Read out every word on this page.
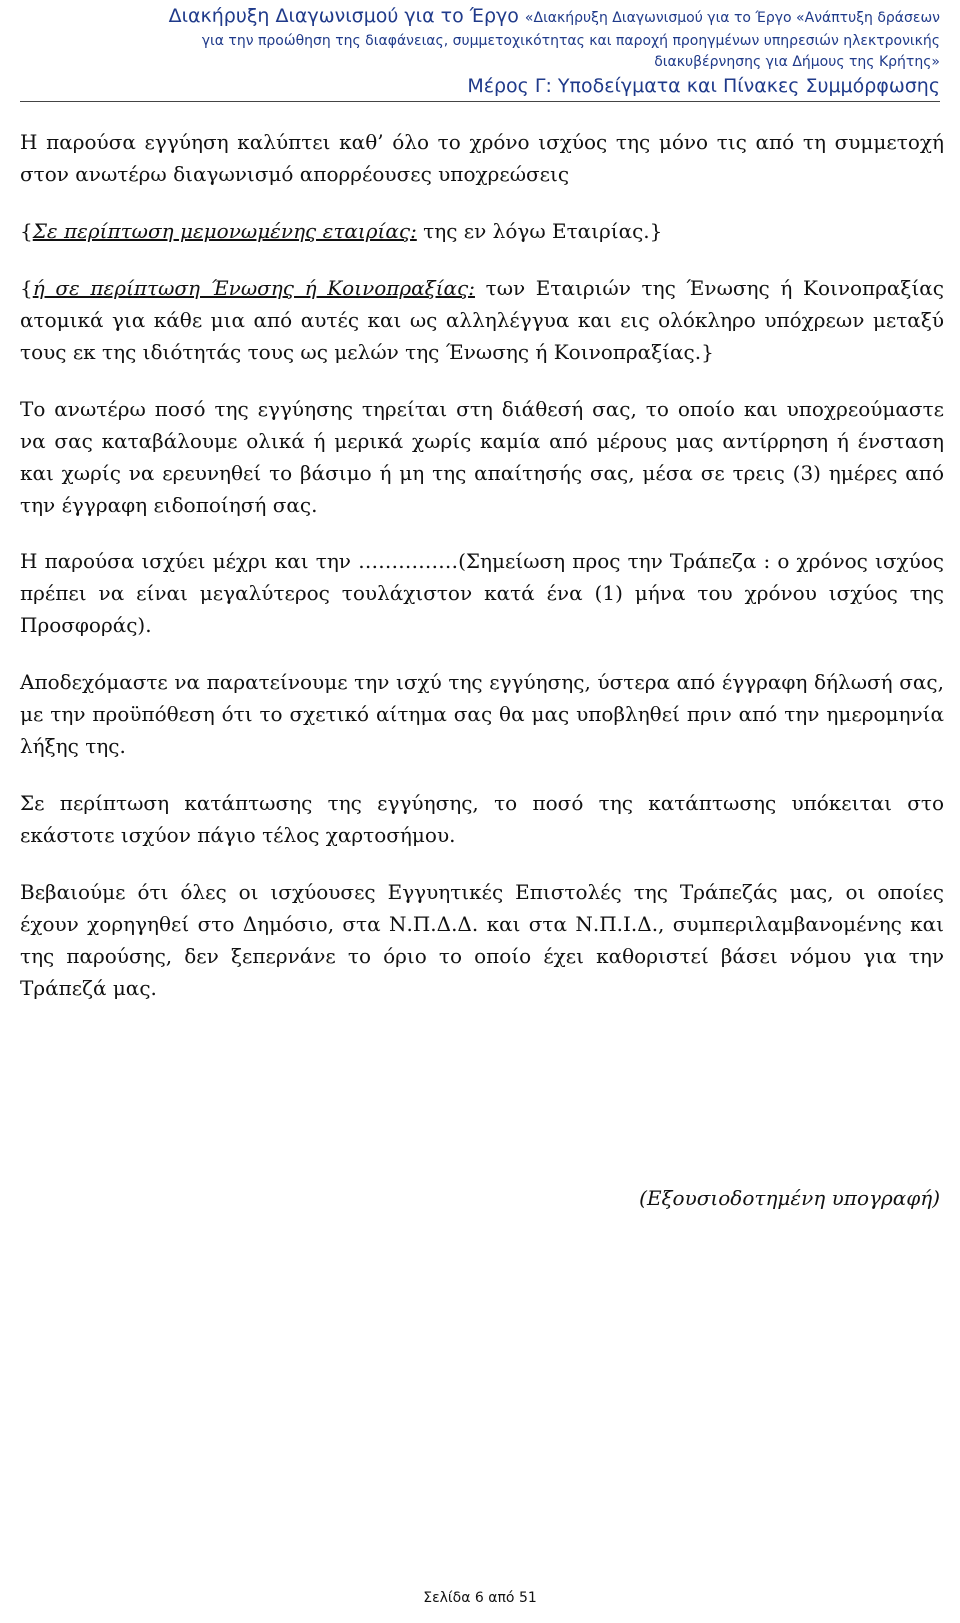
Διακήρυξη Διαγωνισμού για το Έργο «Διακήρυξη Διαγωνισμού για το Έργο «Ανάπτυξη δράσεων
για την προώθηση της διαφάνειας, συμμετοχικότητας και παροχή προηγμένων υπηρεσιών ηλεκτρονικής
διακυβέρνησης για Δήμους της Κρήτης»
Μέρος Γ: Υποδείγματα και Πίνακες Συμμόρφωσης

Η παρούσα εγγύηση καλύπτει καθ’ όλο το χρόνο ισχύος της μόνο τις από τη συμμετοχή στον ανωτέρω διαγωνισμό απορρέουσες υποχρεώσεις

{Σε περίπτωση μεμονωμένης εταιρίας: της εν λόγω Εταιρίας.}

{ή σε περίπτωση Ένωσης ή Κοινοπραξίας: των Εταιριών της Ένωσης ή Κοινοπραξίας ατομικά για κάθε μια από αυτές και ως αλληλέγγυα και εις ολόκληρο υπόχρεων μεταξύ τους εκ της ιδιότητάς τους ως μελών της Ένωσης ή Κοινοπραξίας.}

Το ανωτέρω ποσό της εγγύησης τηρείται στη διάθεσή σας, το οποίο και υποχρεούμαστε να σας καταβάλουμε ολικά ή μερικά χωρίς καμία από μέρους μας αντίρρηση ή ένσταση και χωρίς να ερευνηθεί το βάσιμο ή μη της απαίτησής σας, μέσα σε τρεις (3) ημέρες από την έγγραφη ειδοποίησή σας.

Η παρούσα ισχύει μέχρι και την ……………(Σημείωση προς την Τράπεζα : ο χρόνος ισχύος πρέπει να είναι μεγαλύτερος τουλάχιστον κατά ένα (1) μήνα του χρόνου ισχύος της Προσφοράς).

Αποδεχόμαστε να παρατείνουμε την ισχύ της εγγύησης, ύστερα από έγγραφη δήλωσή σας, με την προϋπόθεση ότι το σχετικό αίτημα σας θα μας υποβληθεί πριν από την ημερομηνία λήξης της.

Σε περίπτωση κατάπτωσης της εγγύησης, το ποσό της κατάπτωσης υπόκειται στο εκάστοτε ισχύον πάγιο τέλος χαρτοσήμου.

Βεβαιούμε ότι όλες οι ισχύουσες Εγγυητικές Επιστολές της Τράπεζάς μας, οι οποίες έχουν χορηγηθεί στο Δημόσιο, στα Ν.Π.Δ.Δ. και στα Ν.Π.Ι.Δ., συμπεριλαμβανομένης και της παρούσης, δεν ξεπερνάνε το όριο το οποίο έχει καθοριστεί βάσει νόμου για την Τράπεζά μας.

(Εξουσιοδοτημένη υπογραφή)
Σελίδα 6 από 51
